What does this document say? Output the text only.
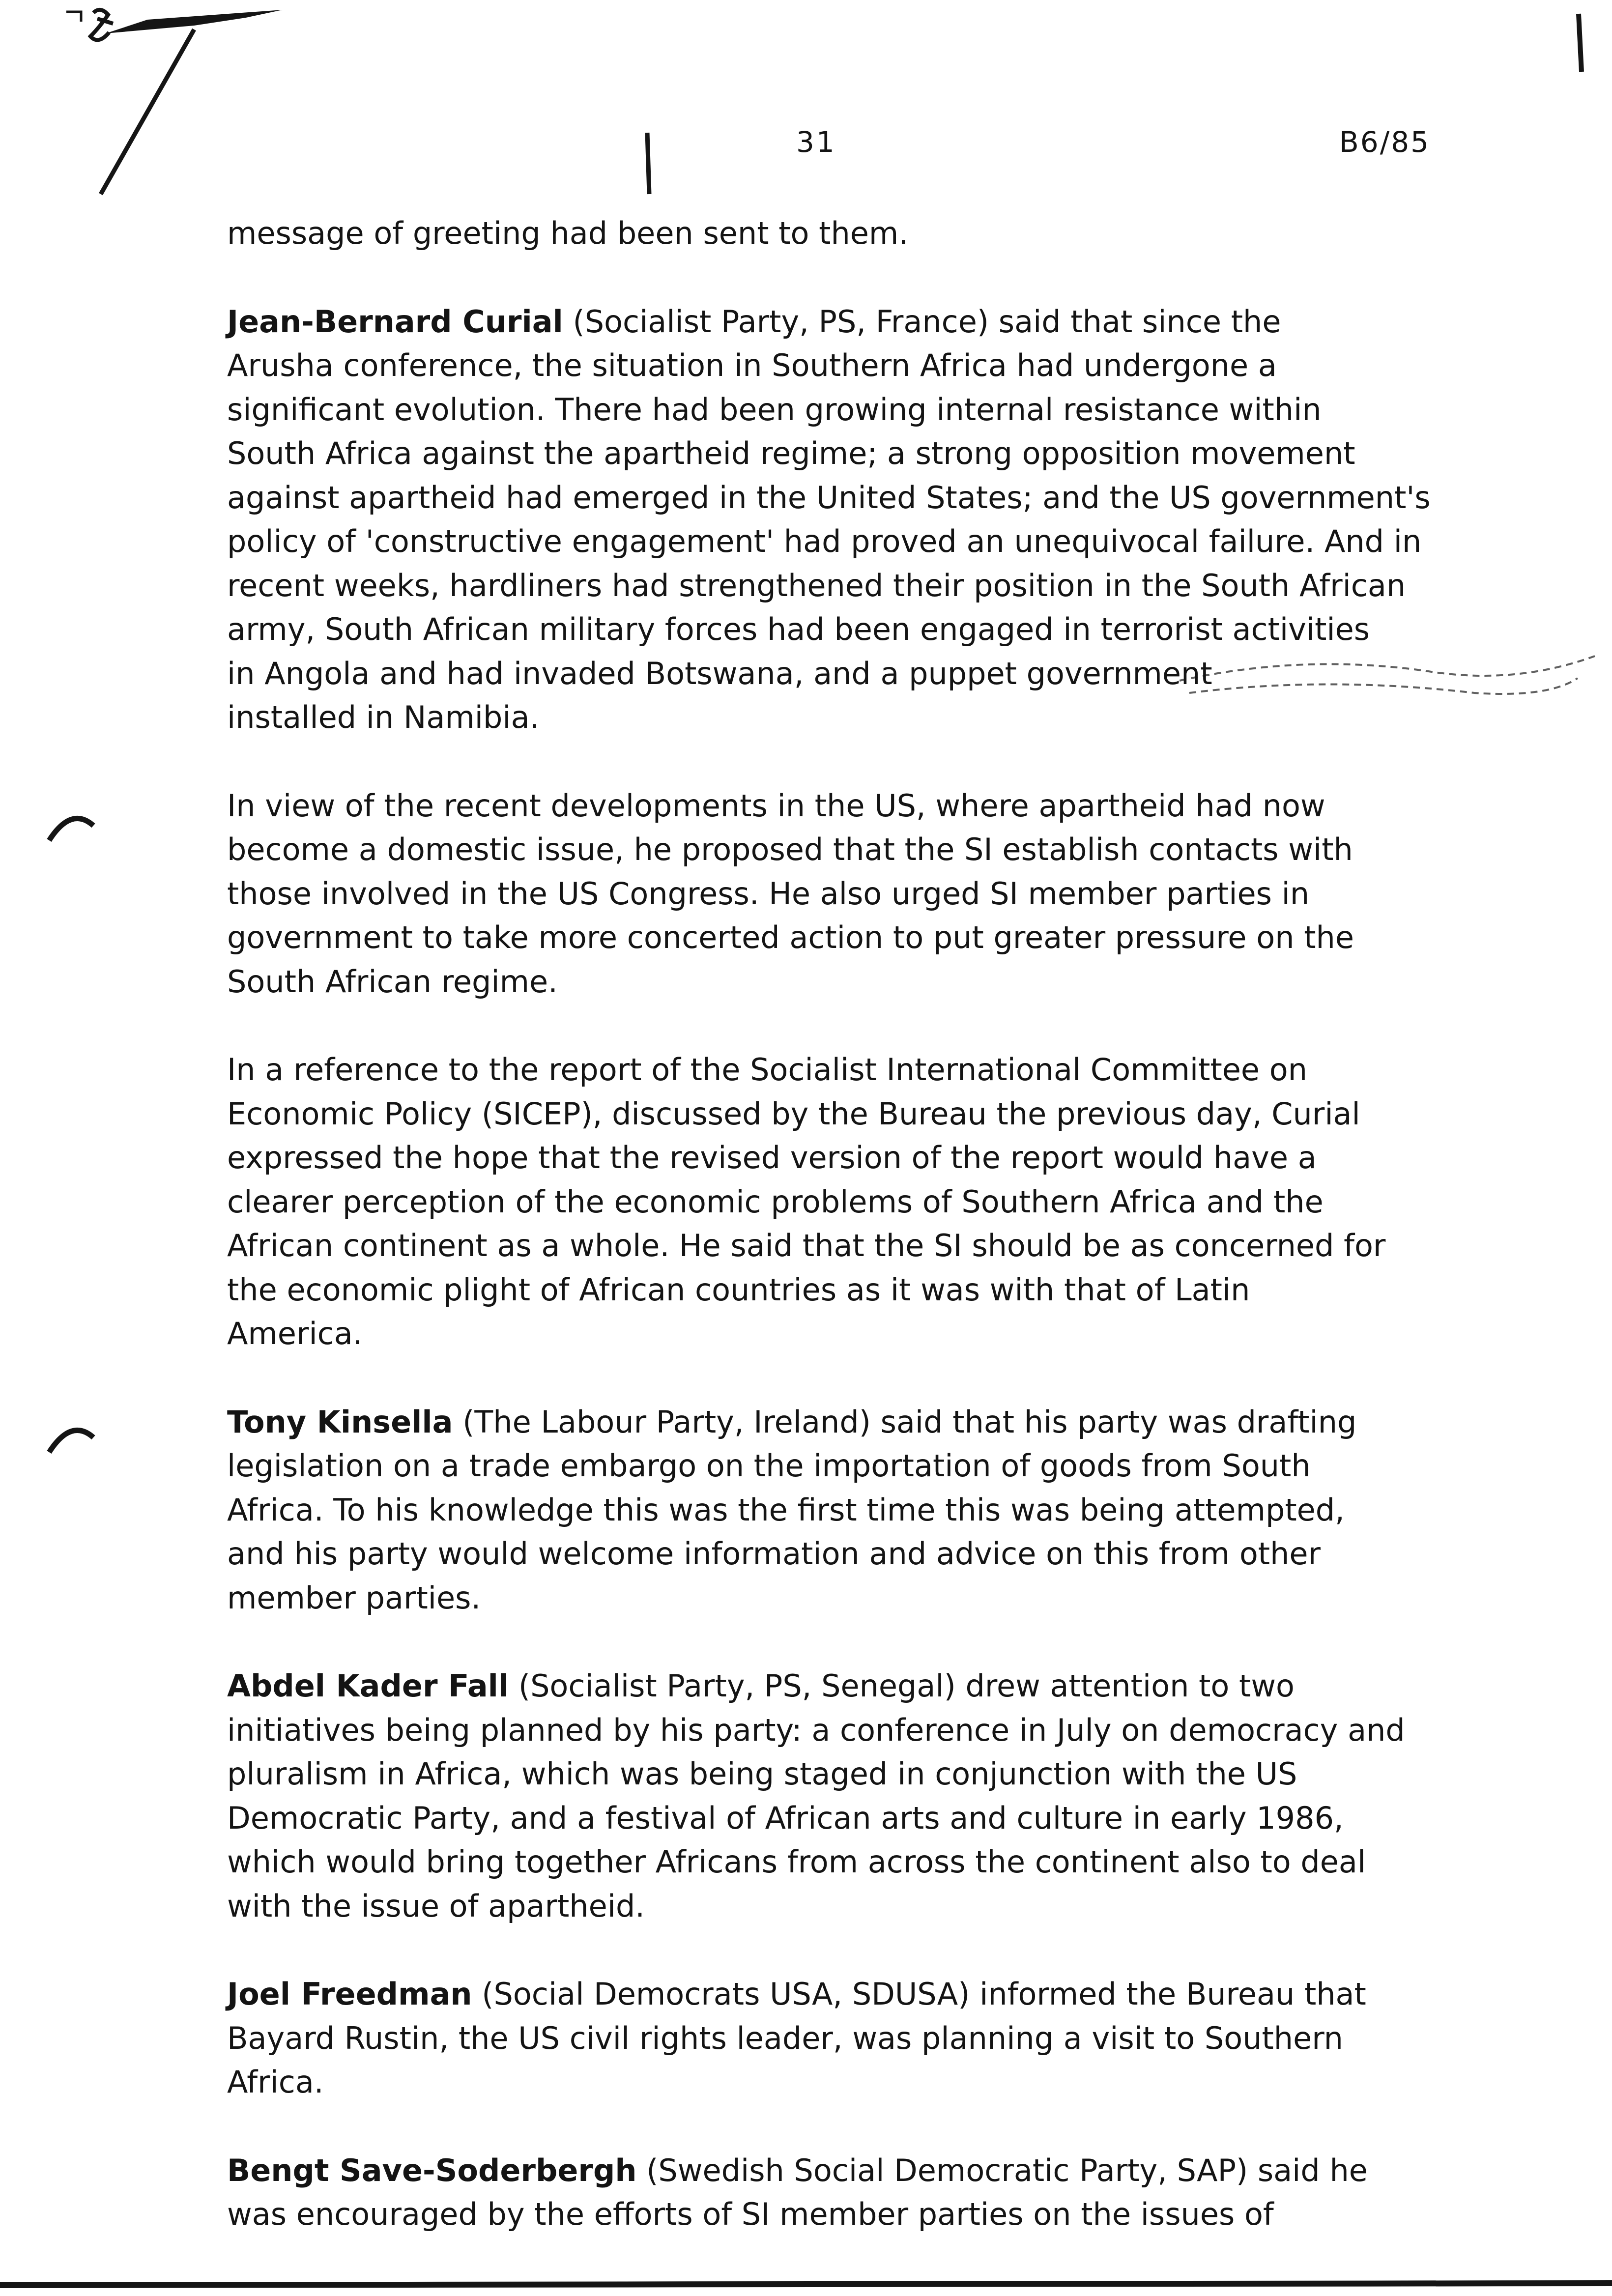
31	B6/85

message of greeting had been sent to them.

Jean-Bernard Curial (Socialist Party, PS, France) said that since the
Arusha conference, the situation in Southern Africa had undergone a
significant evolution. There had been growing internal resistance within
South Africa against the apartheid regime; a strong opposition movement
against apartheid had emerged in the United States; and the US government's
policy of 'constructive engagement' had proved an unequivocal failure. And in
recent weeks, hardliners had strengthened their position in the South African
army, South African military forces had been engaged in terrorist activities
in Angola and had invaded Botswana, and a puppet government
installed in Namibia.

In view of the recent developments in the US, where apartheid had now
become a domestic issue, he proposed that the SI establish contacts with
those involved in the US Congress. He also urged SI member parties in
government to take more concerted action to put greater pressure on the
South African regime.

In a reference to the report of the Socialist International Committee on
Economic Policy (SICEP), discussed by the Bureau the previous day, Curial
expressed the hope that the revised version of the report would have a
clearer perception of the economic problems of Southern Africa and the
African continent as a whole. He said that the SI should be as concerned for
the economic plight of African countries as it was with that of Latin
America.

Tony Kinsella (The Labour Party, Ireland) said that his party was drafting
legislation on a trade embargo on the importation of goods from South
Africa. To his knowledge this was the first time this was being attempted,
and his party would welcome information and advice on this from other
member parties.

Abdel Kader Fall (Socialist Party, PS, Senegal) drew attention to two
initiatives being planned by his party: a conference in July on democracy and
pluralism in Africa, which was being staged in conjunction with the US
Democratic Party, and a festival of African arts and culture in early 1986,
which would bring together Africans from across the continent also to deal
with the issue of apartheid.

Joel Freedman (Social Democrats USA, SDUSA) informed the Bureau that
Bayard Rustin, the US civil rights leader, was planning a visit to Southern
Africa.

Bengt Save-Soderbergh (Swedish Social Democratic Party, SAP) said he
was encouraged by the efforts of SI member parties on the issues of
